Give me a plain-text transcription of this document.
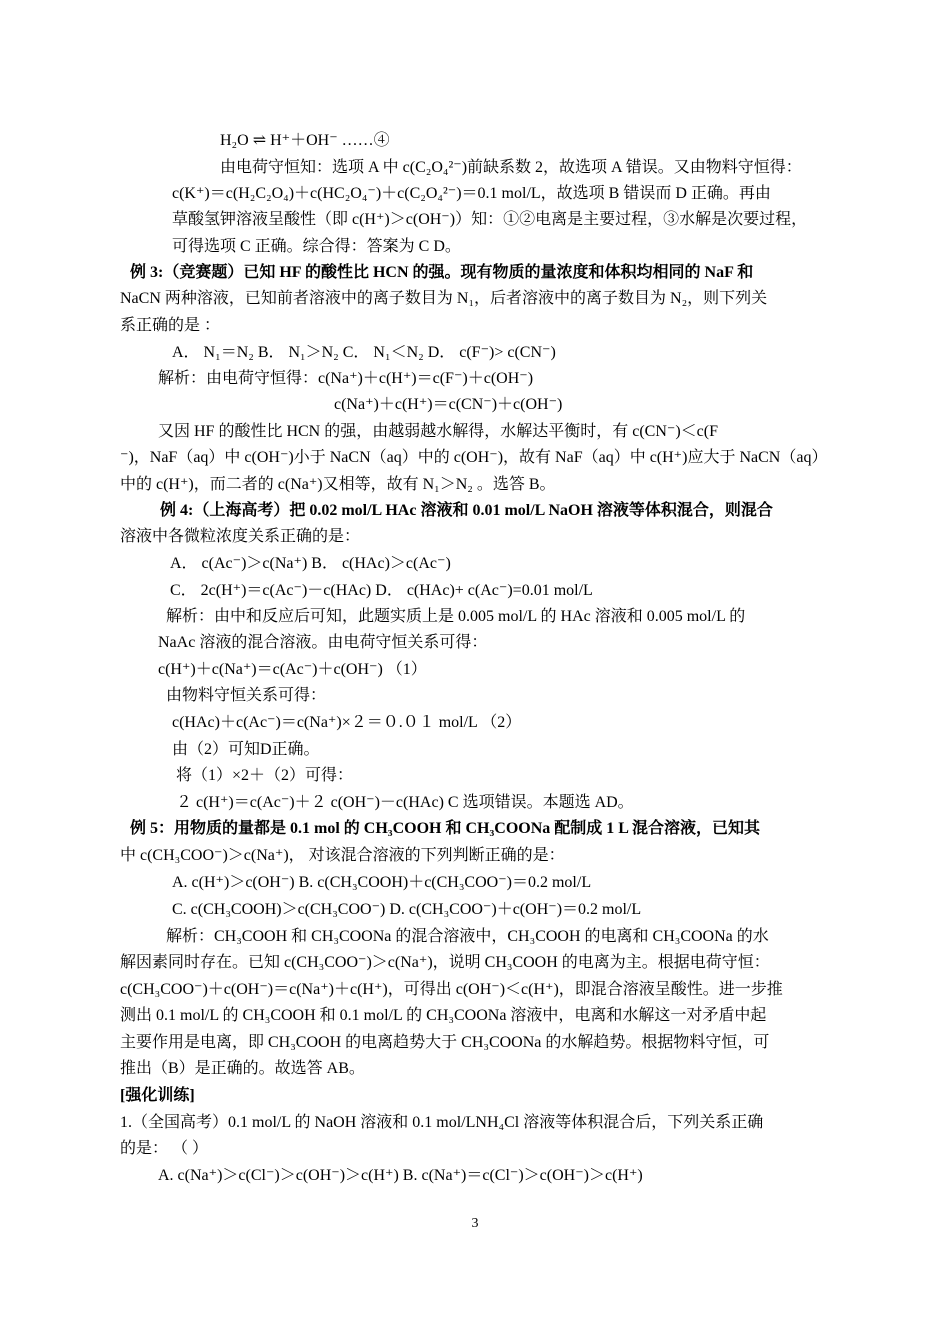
H₂O ⇌ H⁺＋OH⁻ ……④
由电荷守恒知：选项 A 中 c(C₂O₄²⁻)前缺系数 2，故选项 A 错误。又由物料守恒得：
c(K⁺)＝c(H₂C₂O₄)＋c(HC₂O₄⁻)＋c(C₂O₄²⁻)＝0.1 mol/L，故选项 B 错误而 D 正确。再由
草酸氢钾溶液呈酸性（即 c(H⁺)＞c(OH⁻)）知：①②电离是主要过程，③水解是次要过程，
可得选项 C 正确。综合得：答案为 C D。
例 3:（竞赛题）已知 HF 的酸性比 HCN 的强。现有物质的量浓度和体积均相同的 NaF 和
NaCN 两种溶液，已知前者溶液中的离子数目为 N₁，后者溶液中的离子数目为 N₂，则下列关
系正确的是 ：
A． N₁＝N₂ B． N₁＞N₂ C． N₁＜N₂ D． c(F⁻)> c(CN⁻)
解析：由电荷守恒得：c(Na⁺)＋c(H⁺)＝c(F⁻)＋c(OH⁻)
c(Na⁺)＋c(H⁺)＝c(CN⁻)＋c(OH⁻)
又因 HF 的酸性比 HCN 的强，由越弱越水解得，水解达平衡时，有 c(CN⁻)＜c(F
⁻)，NaF（aq）中 c(OH⁻)小于 NaCN（aq）中的 c(OH⁻)，故有 NaF（aq）中 c(H⁺)应大于 NaCN（aq）
中的 c(H⁺)，而二者的 c(Na⁺)又相等，故有 N₁＞N₂ 。选答 B。
例 4:（上海高考）把 0.02 mol/L HAc 溶液和 0.01 mol/L NaOH 溶液等体积混合，则混合
溶液中各微粒浓度关系正确的是：
A． c(Ac⁻)＞c(Na⁺) B． c(HAc)＞c(Ac⁻)
C． 2c(H⁺)＝c(Ac⁻)－c(HAc) D． c(HAc)+ c(Ac⁻)=0.01 mol/L
解析：由中和反应后可知，此题实质上是 0.005 mol/L 的 HAc 溶液和 0.005 mol/L 的
NaAc 溶液的混合溶液。由电荷守恒关系可得：
c(H⁺)＋c(Na⁺)＝c(Ac⁻)＋c(OH⁻) （1）
由物料守恒关系可得：
c(HAc)＋c(Ac⁻)＝c(Na⁺)×２＝０.０１ mol/L （2）
由（2）可知D正确。
将（1）×2＋（2）可得：
２ c(H⁺)＝c(Ac⁻)＋２ c(OH⁻)－c(HAc) C 选项错误。本题选 AD。
例 5：用物质的量都是 0.1 mol 的 CH₃COOH 和 CH₃COONa 配制成 1 L 混合溶液，已知其
中 c(CH₃COO⁻)＞c(Na⁺)， 对该混合溶液的下列判断正确的是：
A. c(H⁺)＞c(OH⁻) B. c(CH₃COOH)＋c(CH₃COO⁻)＝0.2 mol/L
C. c(CH₃COOH)＞c(CH₃COO⁻) D. c(CH₃COO⁻)＋c(OH⁻)＝0.2 mol/L
解析：CH₃COOH 和 CH₃COONa 的混合溶液中，CH₃COOH 的电离和 CH₃COONa 的水
解因素同时存在。已知 c(CH₃COO⁻)＞c(Na⁺)，说明 CH₃COOH 的电离为主。根据电荷守恒：
c(CH₃COO⁻)＋c(OH⁻)＝c(Na⁺)＋c(H⁺)，可得出 c(OH⁻)＜c(H⁺)，即混合溶液呈酸性。进一步推
测出 0.1 mol/L 的 CH₃COOH 和 0.1 mol/L 的 CH₃COONa 溶液中，电离和水解这一对矛盾中起
主要作用是电离，即 CH₃COOH 的电离趋势大于 CH₃COONa 的水解趋势。根据物料守恒，可
推出（B）是正确的。故选答 AB。
[强化训练]
1.（全国高考）0.1 mol/L 的 NaOH 溶液和 0.1 mol/LNH₄Cl 溶液等体积混合后，下列关系正确
的是： （ ）
A. c(Na⁺)＞c(Cl⁻)＞c(OH⁻)＞c(H⁺) B. c(Na⁺)＝c(Cl⁻)＞c(OH⁻)＞c(H⁺)
3
